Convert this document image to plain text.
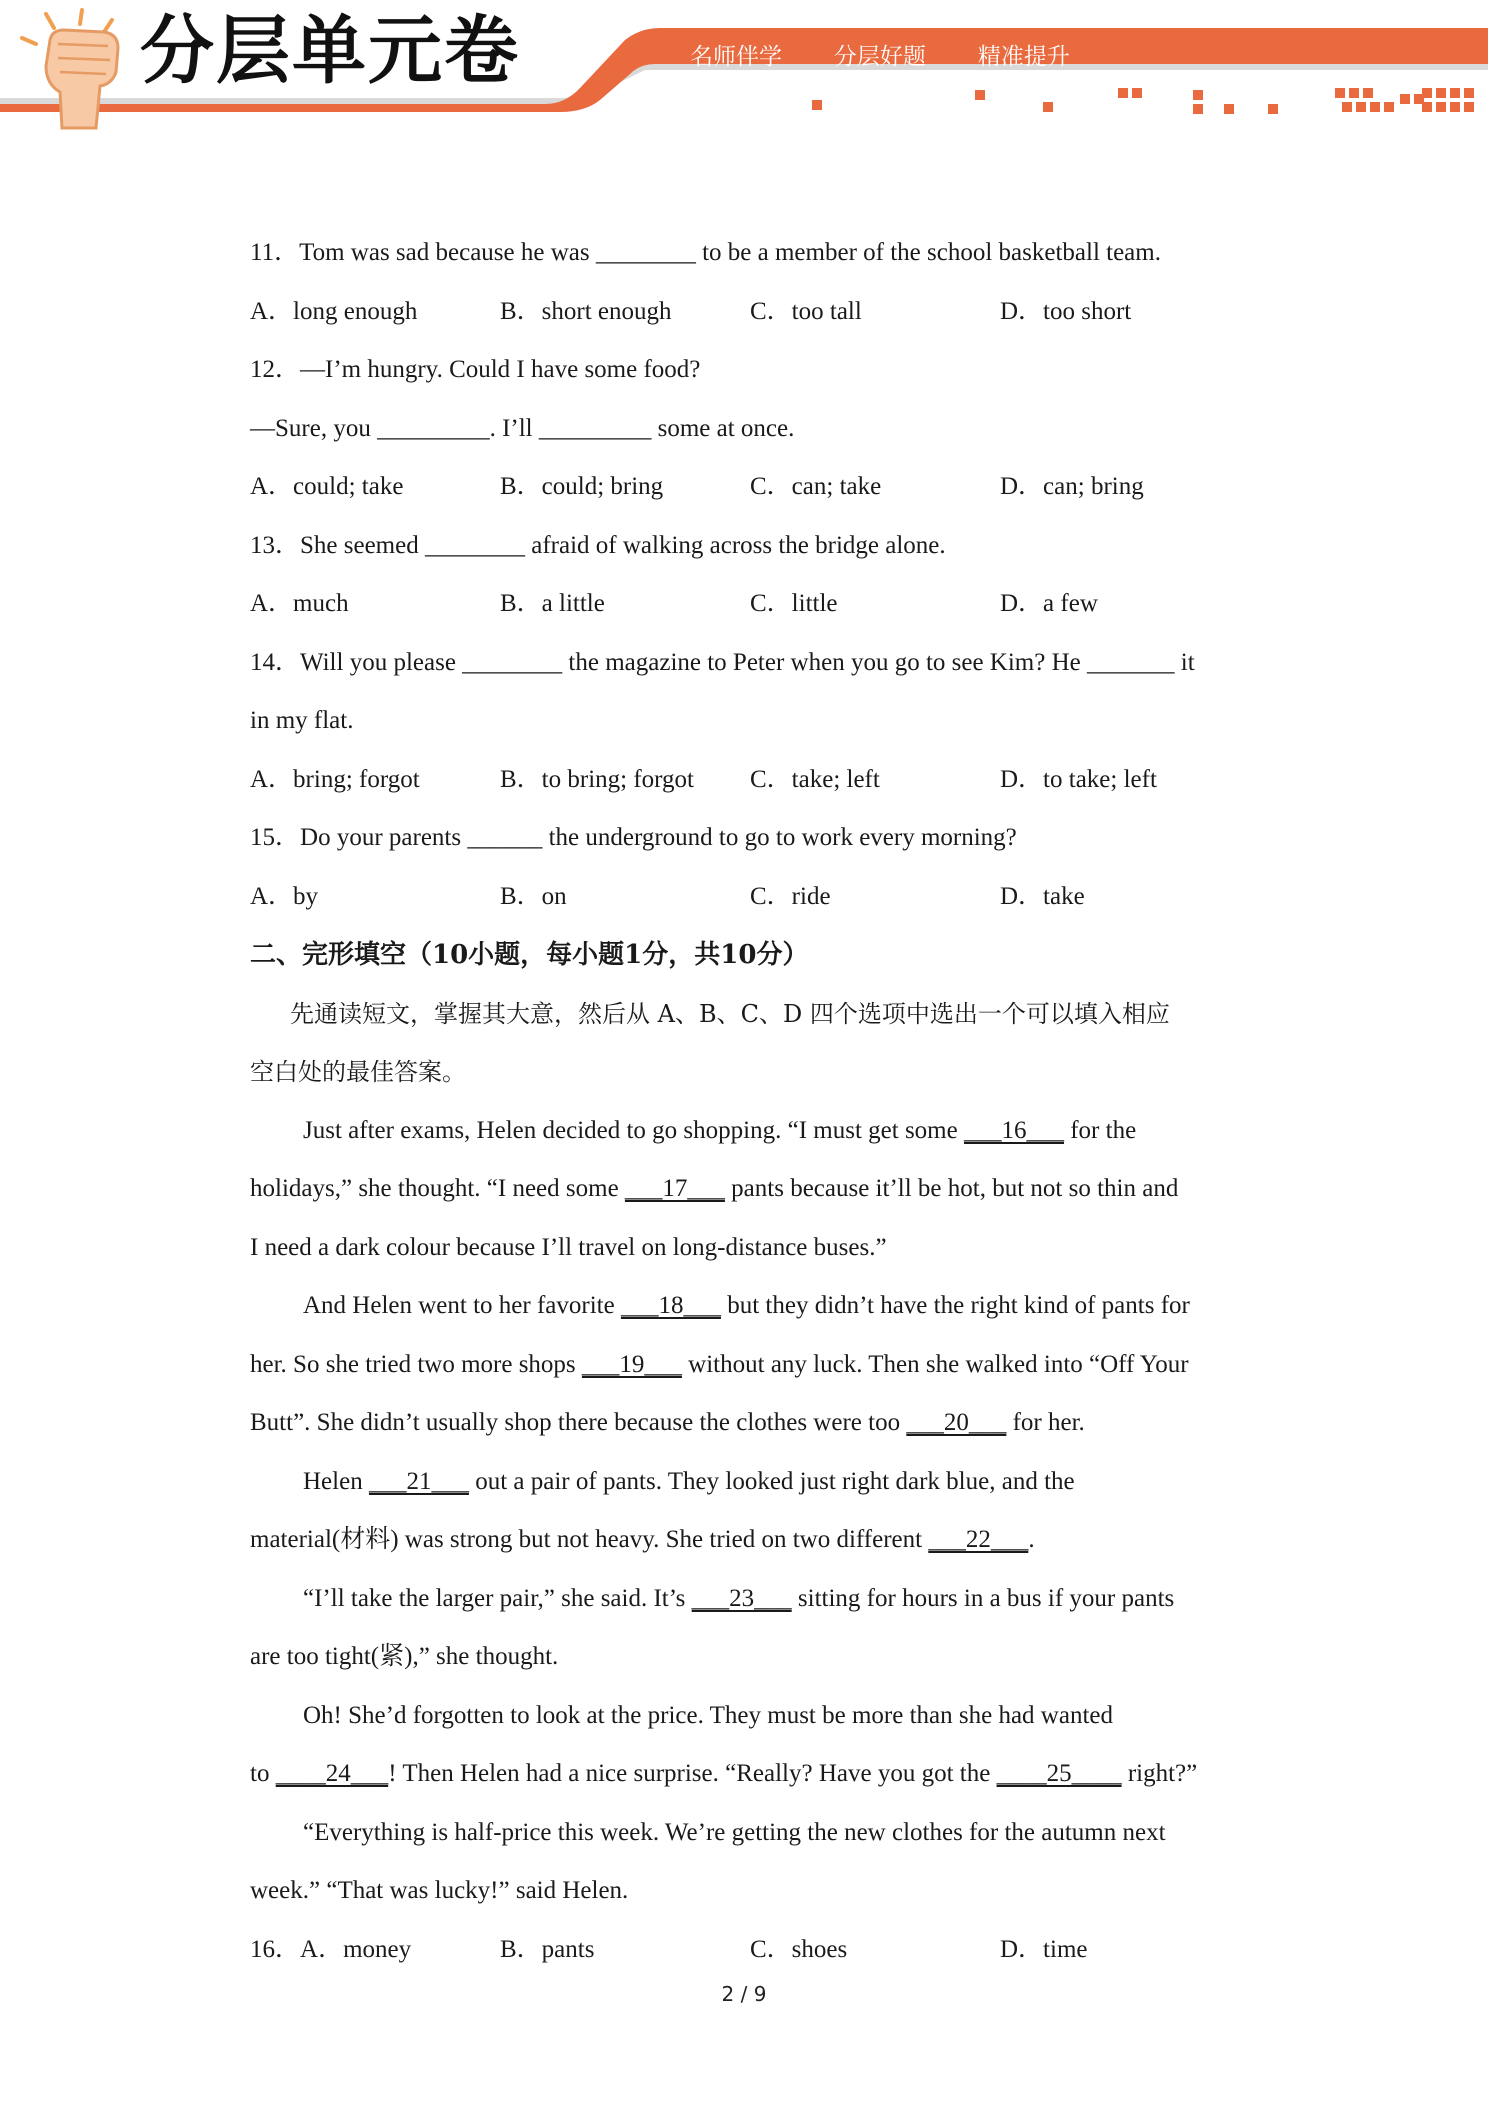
分层单元卷	名师伴学   分层好题   精准提升
11．Tom was sad because he was ________ to be a member of the school basketball team.
A．long enough	B．short enough	C．too tall	D．too short
12．—I’m hungry. Could I have some food?
—Sure, you _________. I’ll _________ some at once.
A．could; take	B．could; bring	C．can; take	D．can; bring
13．She seemed ________ afraid of walking across the bridge alone.
A．much	B．a little	C．little	D．a few
14．Will you please ________ the magazine to Peter when you go to see Kim? He _______ it
in my flat.
A．bring; forgot	B．to bring; forgot	C．take; left	D．to take; left
15．Do your parents ______ the underground to go to work every morning?
A．by	B．on	C．ride	D．take
二、完形填空（10小题，每小题1分，共10分）
先通读短文，掌握其大意，然后从 A、B、C、D 四个选项中选出一个可以填入相应
空白处的最佳答案。
Just after exams, Helen decided to go shopping. “I must get some ___16___ for the
holidays,” she thought. “I need some ___17___ pants because it’ll be hot, but not so thin and
I need a dark colour because I’ll travel on long-distance buses.”
And Helen went to her favorite ___18___ but they didn’t have the right kind of pants for
her. So she tried two more shops ___19___ without any luck. Then she walked into “Off Your
Butt”. She didn’t usually shop there because the clothes were too ___20___ for her.
Helen ___21___ out a pair of pants. They looked just right dark blue, and the
material(材料) was strong but not heavy. She tried on two different ___22___.
“I’ll take the larger pair,” she said. It’s ___23___ sitting for hours in a bus if your pants
are too tight(紧),” she thought.
Oh! She’d forgotten to look at the price. They must be more than she had wanted
to ____24___! Then Helen had a nice surprise. “Really? Have you got the ____25____ right?”
“Everything is half-price this week. We’re getting the new clothes for the autumn next
week.” “That was lucky!” said Helen.
16．A．money	B．pants	C．shoes	D．time
2 / 9
